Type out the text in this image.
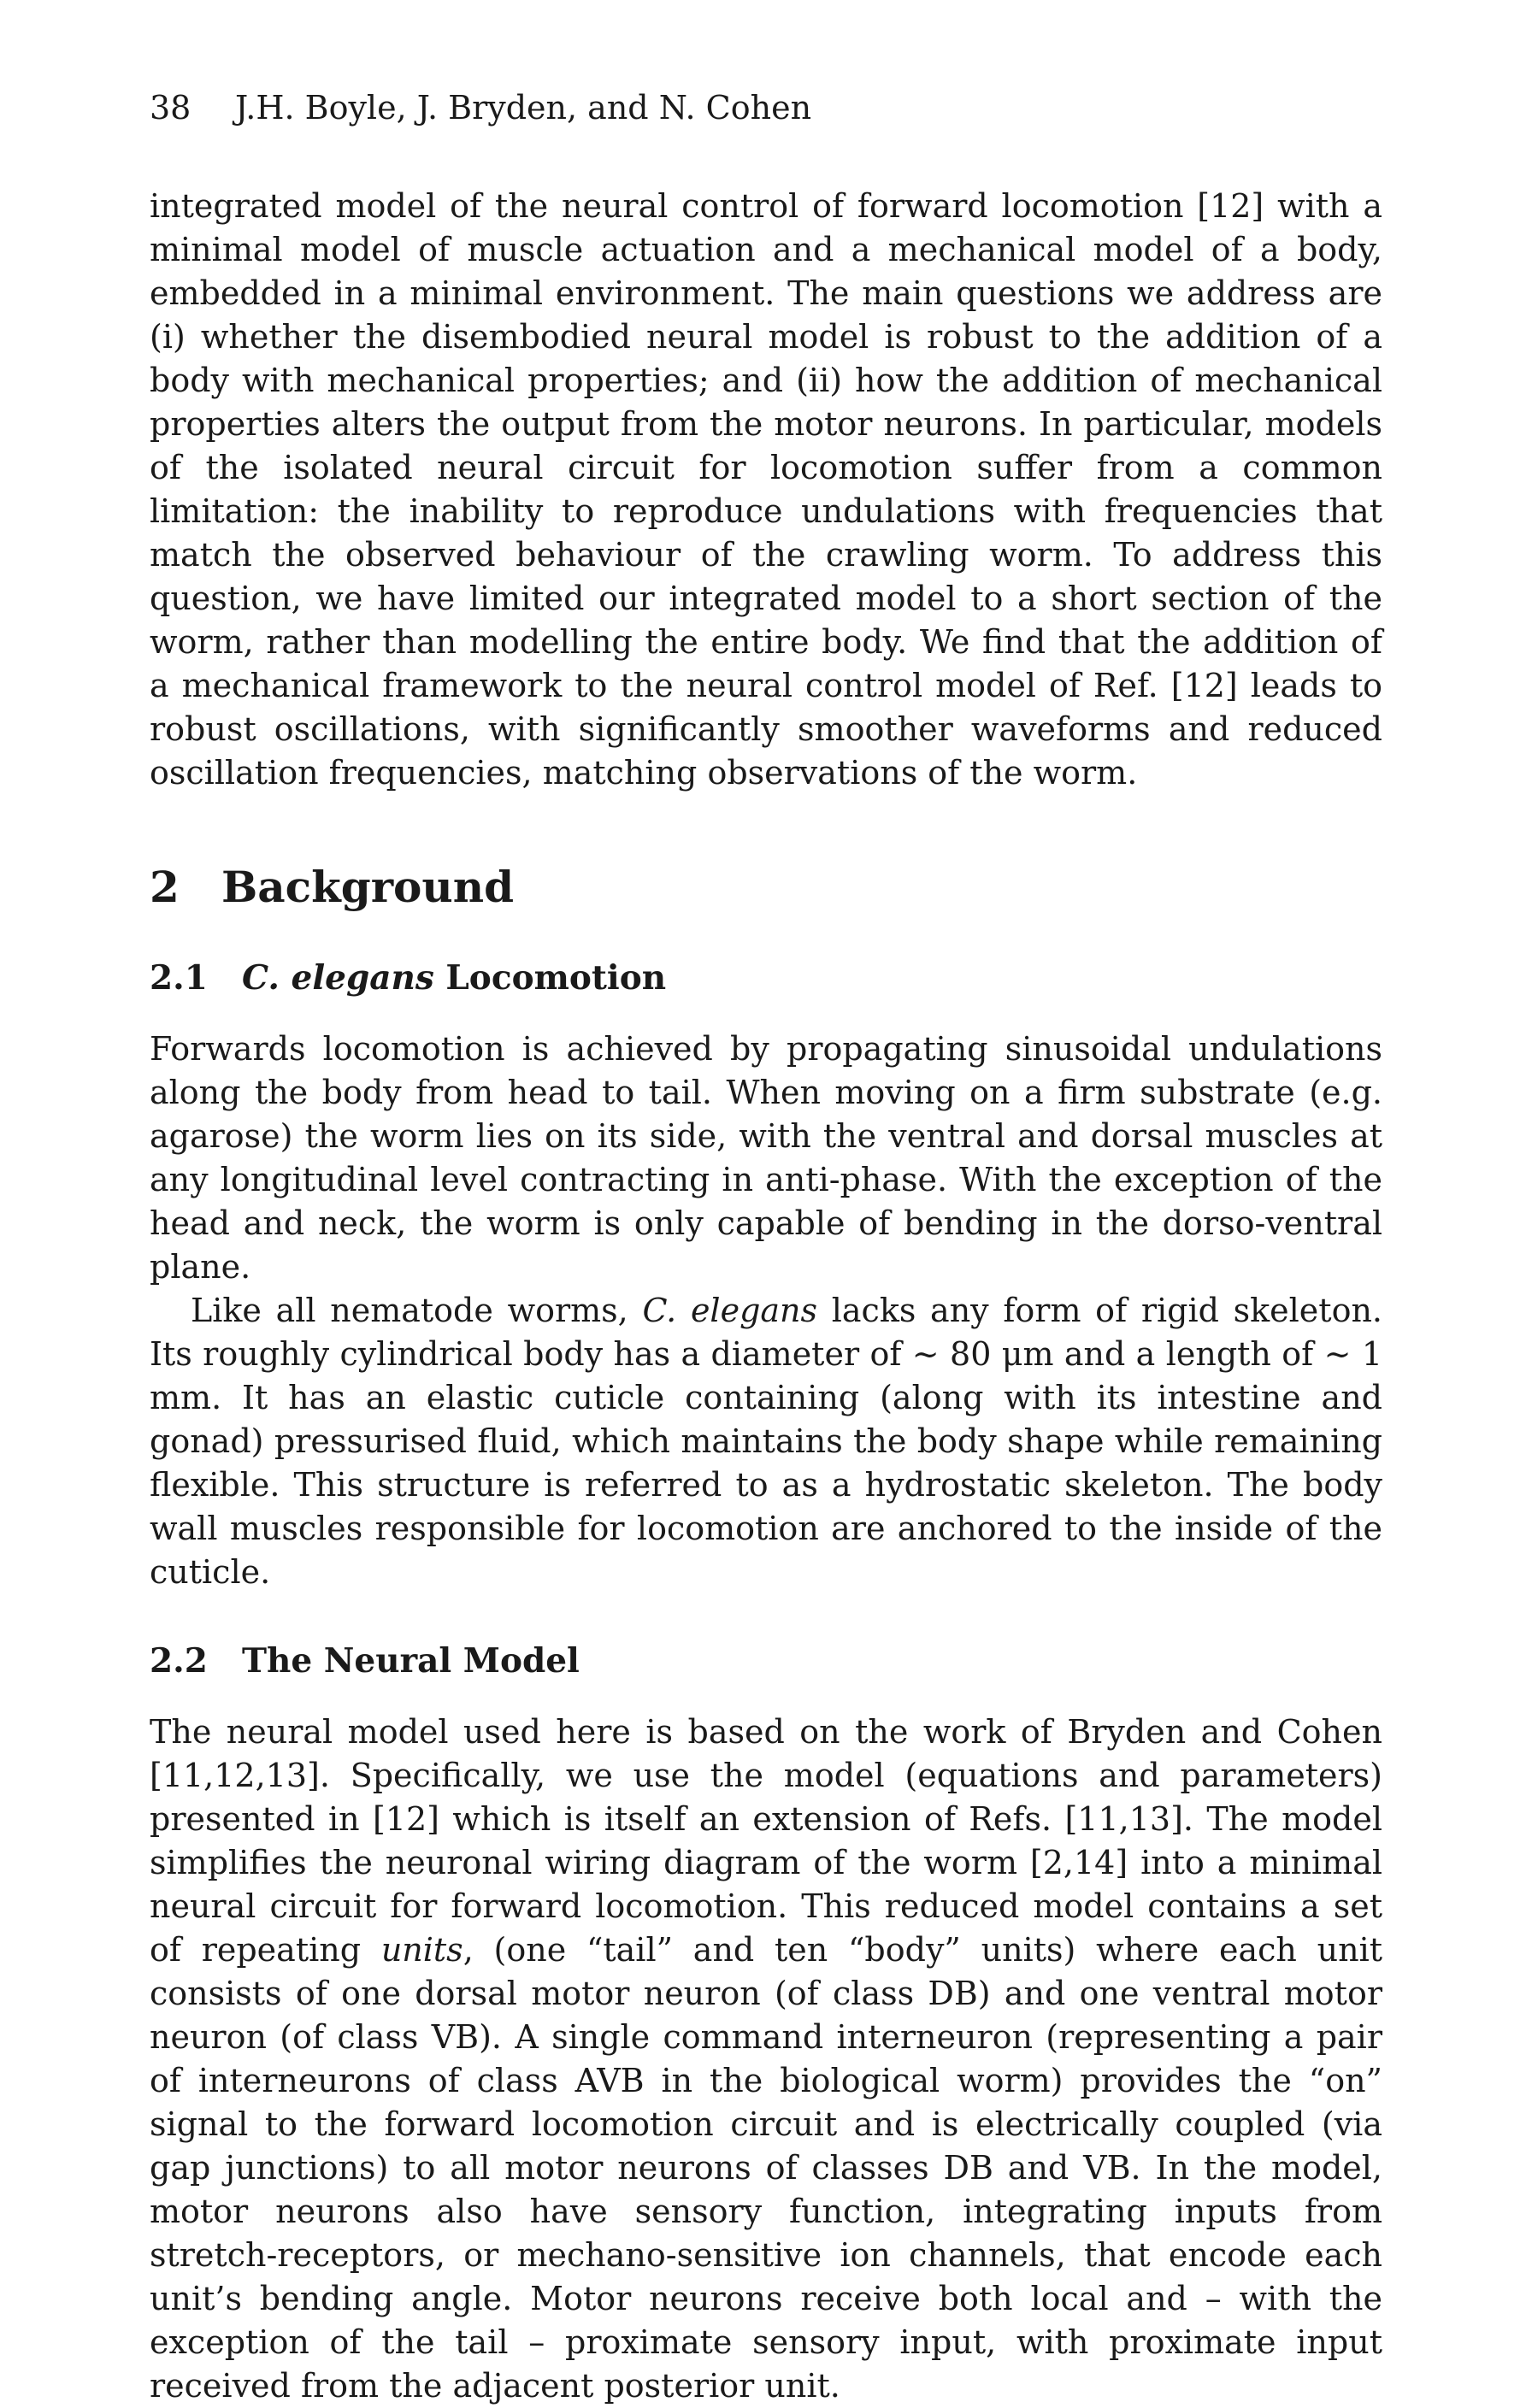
38 J.H. Boyle, J. Bryden, and N. Cohen

integrated model of the neural control of forward locomotion [12] with a minimal model of muscle actuation and a mechanical model of a body, embedded in a minimal environment. The main questions we address are (i) whether the disembodied neural model is robust to the addition of a body with mechanical properties; and (ii) how the addition of mechanical properties alters the output from the motor neurons. In particular, models of the isolated neural circuit for locomotion suffer from a common limitation: the inability to reproduce undulations with frequencies that match the observed behaviour of the crawling worm. To address this question, we have limited our integrated model to a short section of the worm, rather than modelling the entire body. We find that the addition of a mechanical framework to the neural control model of Ref. [12] leads to robust oscillations, with significantly smoother waveforms and reduced oscillation frequencies, matching observations of the worm.

2 Background
2.1 C. elegans Locomotion

Forwards locomotion is achieved by propagating sinusoidal undulations along the body from head to tail. When moving on a firm substrate (e.g. agarose) the worm lies on its side, with the ventral and dorsal muscles at any longitudinal level contracting in anti-phase. With the exception of the head and neck, the worm is only capable of bending in the dorso-ventral plane.

Like all nematode worms, C. elegans lacks any form of rigid skeleton. Its roughly cylindrical body has a diameter of ∼ 80 μm and a length of ∼ 1 mm. It has an elastic cuticle containing (along with its intestine and gonad) pressurised fluid, which maintains the body shape while remaining flexible. This structure is referred to as a hydrostatic skeleton. The body wall muscles responsible for locomotion are anchored to the inside of the cuticle.

2.2 The Neural Model

The neural model used here is based on the work of Bryden and Cohen [11,12,13]. Specifically, we use the model (equations and parameters) presented in [12] which is itself an extension of Refs. [11,13]. The model simplifies the neuronal wiring diagram of the worm [2,14] into a minimal neural circuit for forward locomotion. This reduced model contains a set of repeating units, (one “tail” and ten “body” units) where each unit consists of one dorsal motor neuron (of class DB) and one ventral motor neuron (of class VB). A single command interneuron (representing a pair of interneurons of class AVB in the biological worm) provides the “on” signal to the forward locomotion circuit and is electrically coupled (via gap junctions) to all motor neurons of classes DB and VB. In the model, motor neurons also have sensory function, integrating inputs from stretch-receptors, or mechano-sensitive ion channels, that encode each unit’s bending angle. Motor neurons receive both local and – with the exception of the tail – proximate sensory input, with proximate input received from the adjacent posterior unit.
